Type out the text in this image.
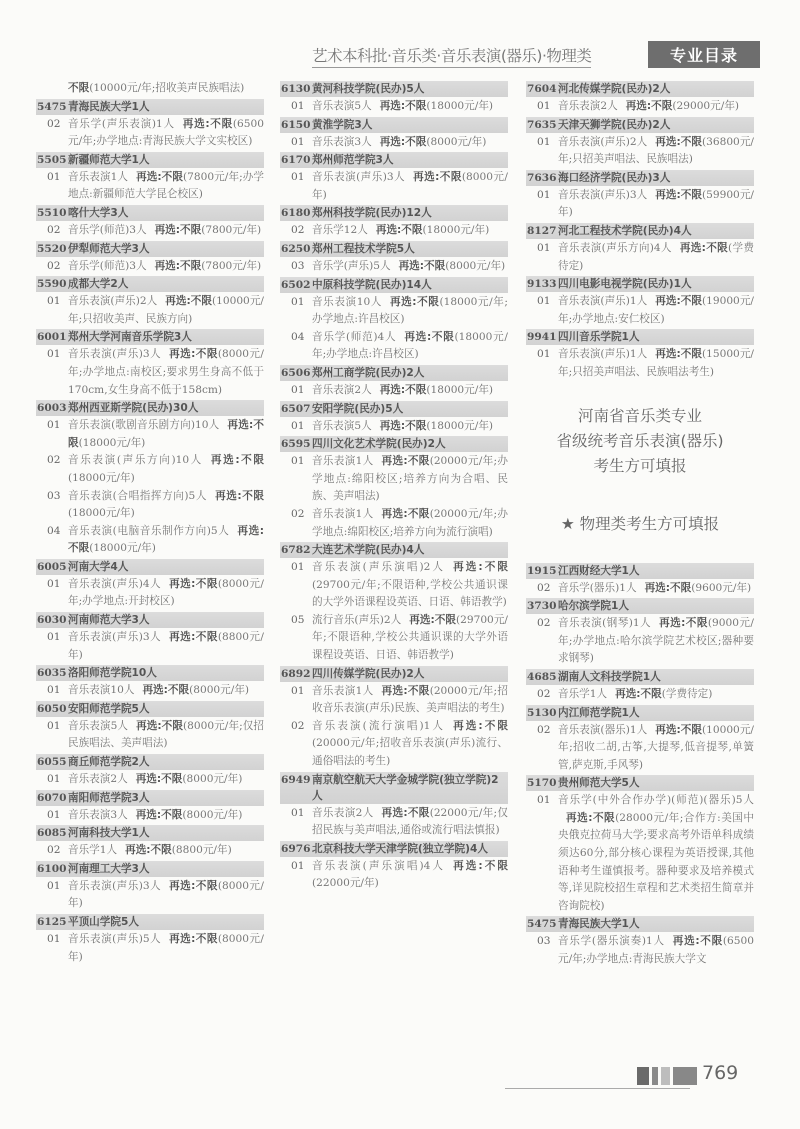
艺术本科批·音乐类·音乐表演(器乐)·物理类	专业目录
不限(10000元/年;招收美声民族唱法)
5475 青海民族大学1人
02 音乐学(声乐表演)1人 再选:不限(6500元/年;办学地点:青海民族大学文实校区)
5505 新疆师范大学1人
01 音乐表演1人 再选:不限(7800元/年;办学地点:新疆师范大学昆仑校区)
5510 喀什大学3人
02 音乐学(师范)3人 再选:不限(7800元/年)
5520 伊犁师范大学3人
02 音乐学(师范)3人 再选:不限(7800元/年)
5590 成都大学2人
01 音乐表演(声乐)2人 再选:不限(10000元/年;只招收美声、民族方向)
6001 郑州大学河南音乐学院3人
01 音乐表演(声乐)3人 再选:不限(8000元/年;办学地点:南校区;要求男生身高不低于170cm,女生身高不低于158cm)
6003 郑州西亚斯学院(民办)30人
01 音乐表演(歌剧音乐剧方向)10人 再选:不限(18000元/年)
02 音乐表演(声乐方向)10人 再选:不限(18000元/年)
03 音乐表演(合唱指挥方向)5人 再选:不限(18000元/年)
04 音乐表演(电脑音乐制作方向)5人 再选:不限(18000元/年)
6005 河南大学4人
01 音乐表演(声乐)4人 再选:不限(8000元/年;办学地点:开封校区)
6030 河南师范大学3人
01 音乐表演(声乐)3人 再选:不限(8800元/年)
6035 洛阳师范学院10人
01 音乐表演10人 再选:不限(8000元/年)
6050 安阳师范学院5人
01 音乐表演5人 再选:不限(8000元/年;仅招民族唱法、美声唱法)
6055 商丘师范学院2人
01 音乐表演2人 再选:不限(8000元/年)
6070 南阳师范学院3人
01 音乐表演3人 再选:不限(8000元/年)
6085 河南科技大学1人
02 音乐学1人 再选:不限(8800元/年)
6100 河南理工大学3人
01 音乐表演(声乐)3人 再选:不限(8000元/年)
6125 平顶山学院5人
01 音乐表演(声乐)5人 再选:不限(8000元/年)
6130 黄河科技学院(民办)5人
01 音乐表演5人 再选:不限(18000元/年)
6150 黄淮学院3人
01 音乐表演3人 再选:不限(8000元/年)
6170 郑州师范学院3人
01 音乐表演(声乐)3人 再选:不限(8000元/年)
6180 郑州科技学院(民办)12人
02 音乐学12人 再选:不限(18000元/年)
6250 郑州工程技术学院5人
03 音乐学(声乐)5人 再选:不限(8000元/年)
6502 中原科技学院(民办)14人
01 音乐表演10人 再选:不限(18000元/年;办学地点:许昌校区)
04 音乐学(师范)4人 再选:不限(18000元/年;办学地点:许昌校区)
6506 郑州工商学院(民办)2人
01 音乐表演2人 再选:不限(18000元/年)
6507 安阳学院(民办)5人
01 音乐表演5人 再选:不限(18000元/年)
6595 四川文化艺术学院(民办)2人
01 音乐表演1人 再选:不限(20000元/年;办学地点:绵阳校区;培养方向为合唱、民族、美声唱法)
02 音乐表演1人 再选:不限(20000元/年;办学地点:绵阳校区;培养方向为流行演唱)
6782 大连艺术学院(民办)4人
01 音乐表演(声乐演唱)2人 再选:不限(29700元/年;不限语种,学校公共通识课的大学外语课程设英语、日语、韩语教学)
05 流行音乐(声乐)2人 再选:不限(29700元/年;不限语种,学校公共通识课的大学外语课程设英语、日语、韩语教学)
6892 四川传媒学院(民办)2人
01 音乐表演1人 再选:不限(20000元/年;招收音乐表演(声乐)民族、美声唱法的考生)
02 音乐表演(流行演唱)1人 再选:不限(20000元/年;招收音乐表演(声乐)流行、通俗唱法的考生)
6949 南京航空航天大学金城学院(独立学院)2人
01 音乐表演2人 再选:不限(22000元/年;仅招民族与美声唱法,通俗或流行唱法慎报)
6976 北京科技大学天津学院(独立学院)4人
01 音乐表演(声乐演唱)4人 再选:不限(22000元/年)
7604 河北传媒学院(民办)2人
01 音乐表演2人 再选:不限(29000元/年)
7635 天津天狮学院(民办)2人
01 音乐表演(声乐)2人 再选:不限(36800元/年;只招美声唱法、民族唱法)
7636 海口经济学院(民办)3人
01 音乐表演(声乐)3人 再选:不限(59900元/年)
8127 河北工程技术学院(民办)4人
01 音乐表演(声乐方向)4人 再选:不限(学费待定)
9133 四川电影电视学院(民办)1人
01 音乐表演(声乐)1人 再选:不限(19000元/年;办学地点:安仁校区)
9941 四川音乐学院1人
01 音乐表演(声乐)1人 再选:不限(15000元/年;只招美声唱法、民族唱法考生)
河南省音乐类专业
省级统考音乐表演(器乐)
考生方可填报
★ 物理类考生方可填报
1915 江西财经大学1人
02 音乐学(器乐)1人 再选:不限(9600元/年)
3730 哈尔滨学院1人
02 音乐表演(钢琴)1人 再选:不限(9000元/年;办学地点:哈尔滨学院艺术校区;器种要求钢琴)
4685 湖南人文科技学院1人
02 音乐学1人 再选:不限(学费待定)
5130 内江师范学院1人
02 音乐表演(器乐)1人 再选:不限(10000元/年;招收二胡,古筝,大提琴,低音提琴,单簧管,萨克斯,手风琴)
5170 贵州师范大学5人
01 音乐学(中外合作办学)(师范)(器乐)5人再选:不限(28000元/年;合作方:美国中央俄克拉荷马大学;要求高考外语单科成绩须达60分,部分核心课程为英语授课,其他语种考生谨慎报考。器种要求及培养模式等,详见院校招生章程和艺术类招生简章并咨询院校)
5475 青海民族大学1人
03 音乐学(器乐演奏)1人 再选:不限(6500元/年;办学地点:青海民族大学文
769
